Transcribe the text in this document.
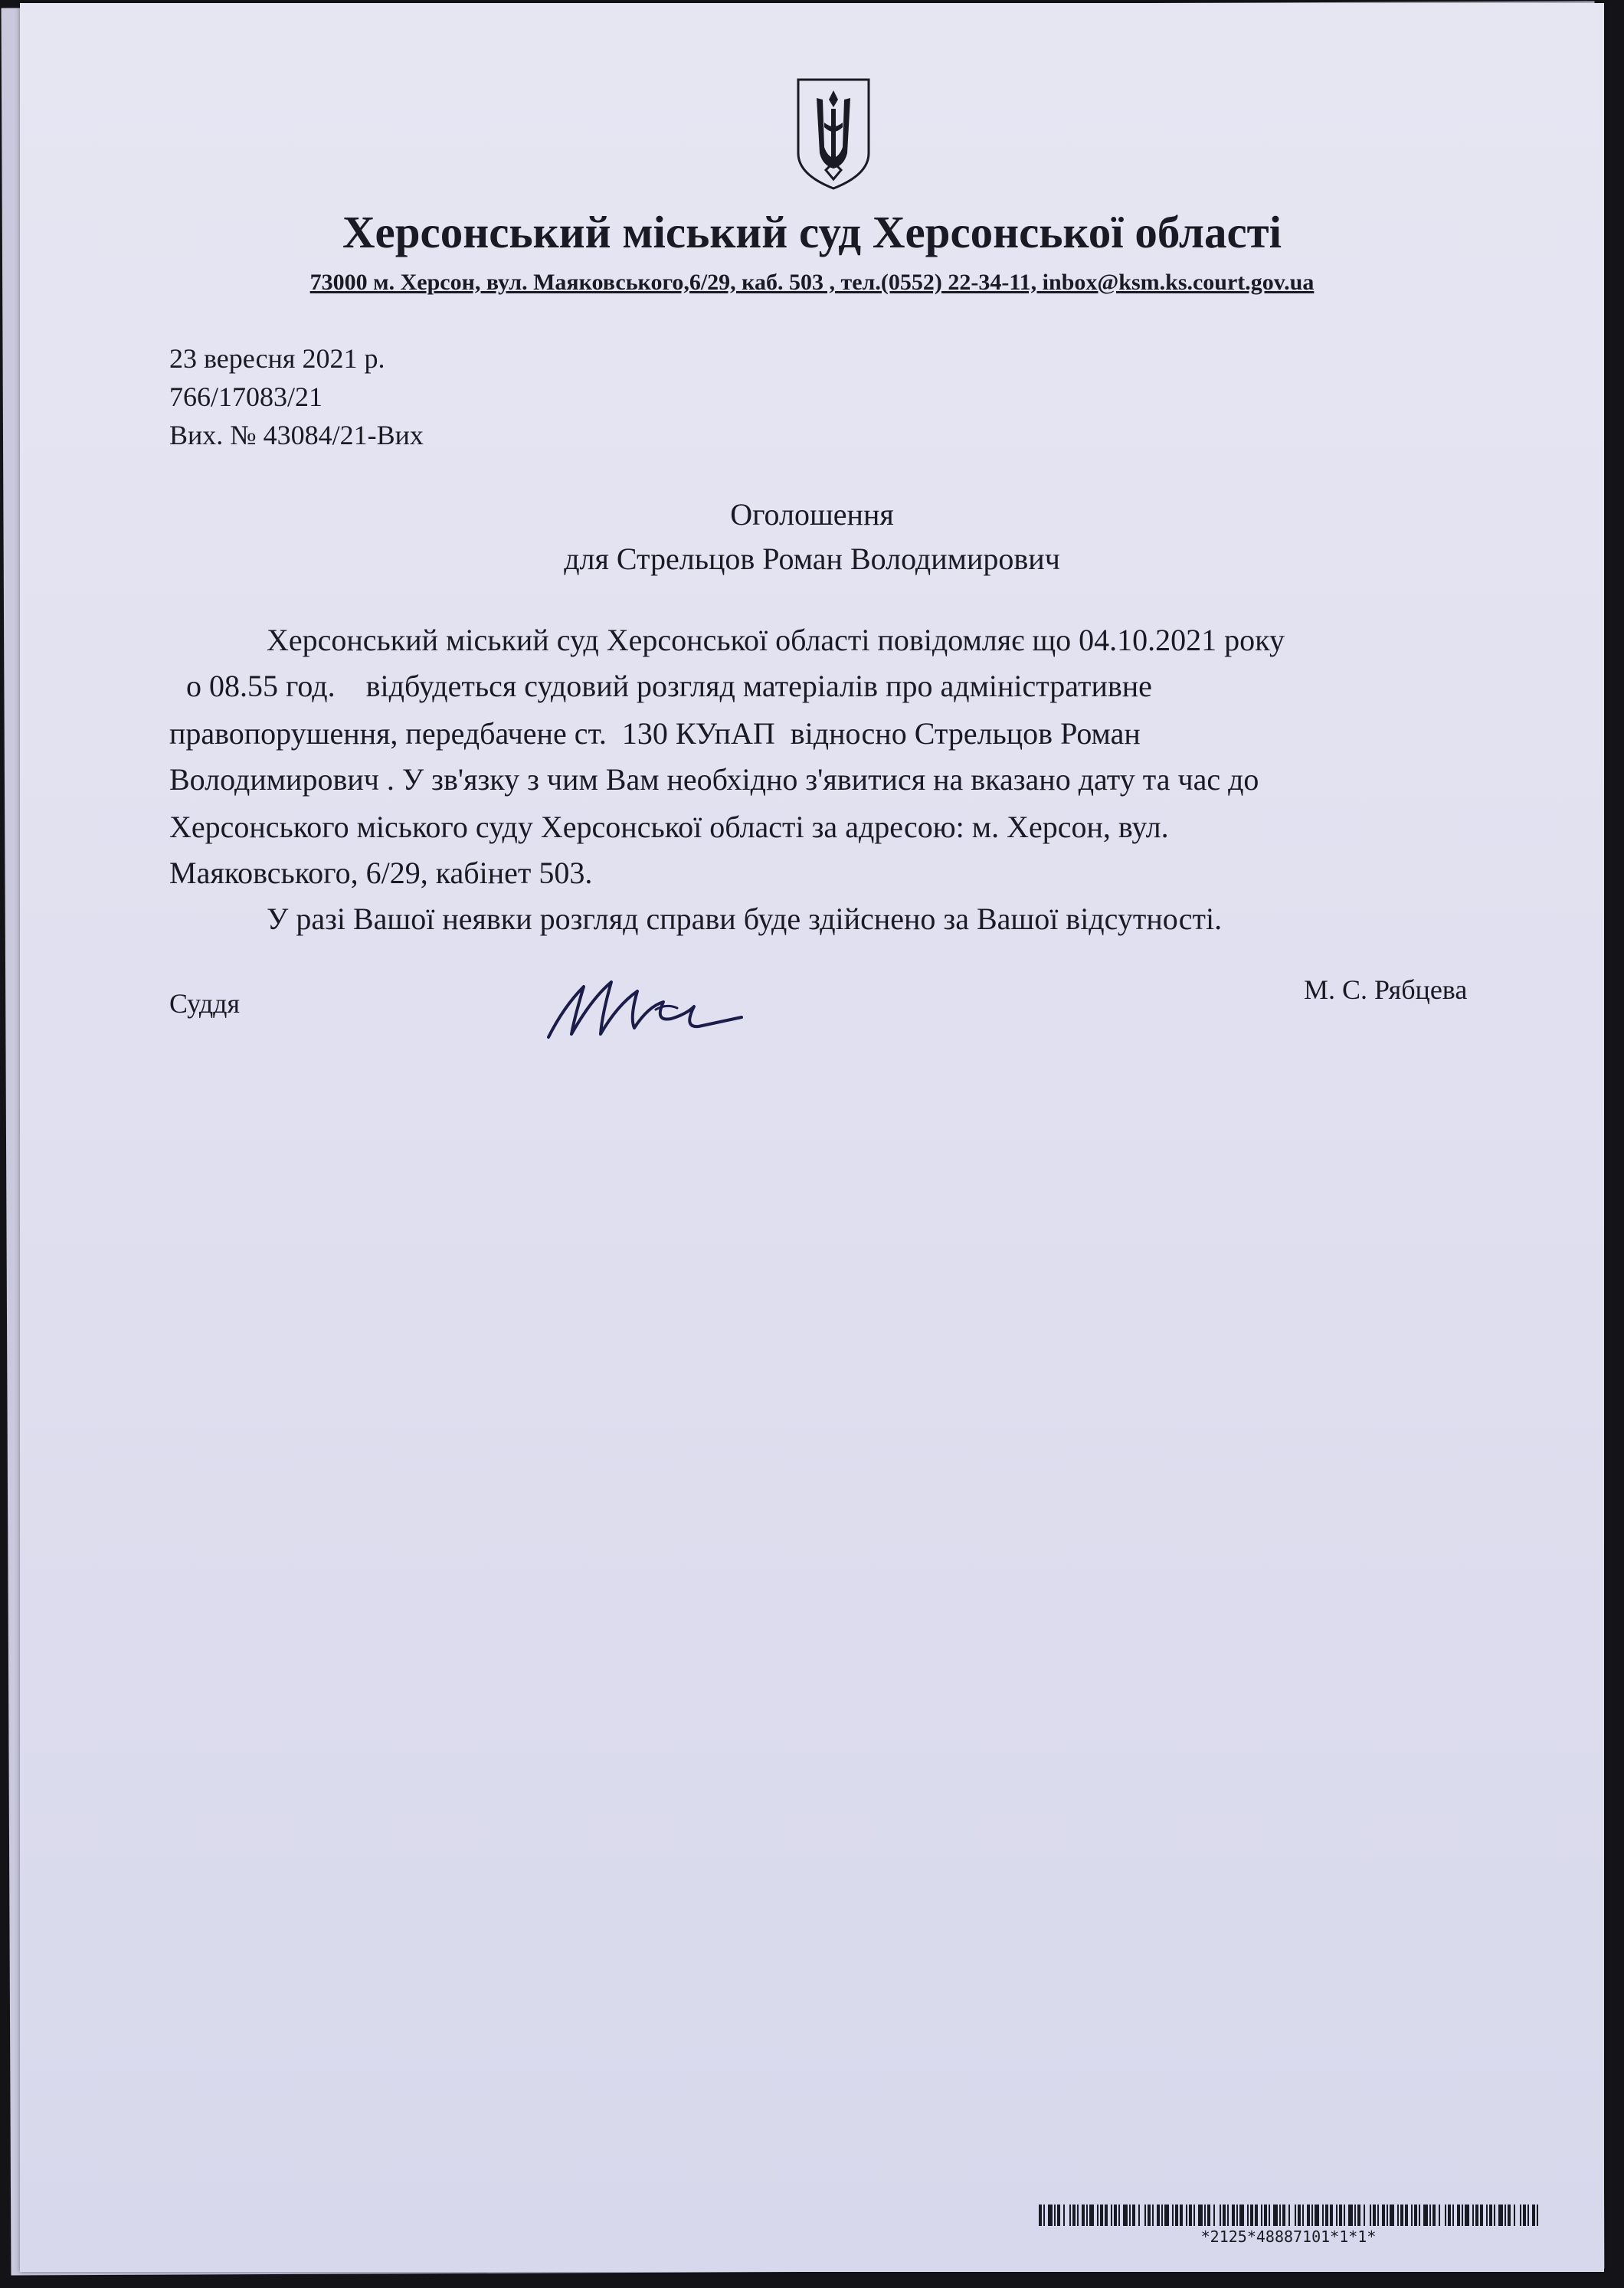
Херсонський міський суд Херсонської області
73000 м. Херсон, вул. Маяковського,6/29, каб. 503 , тел.(0552) 22-34-11, inbox@ksm.ks.court.gov.ua
23 вересня 2021 р.
766/17083/21
Вих. № 43084/21-Вих
Оголошення
для Стрельцов Роман Володимирович
Херсонський міський суд Херсонської області повідомляє що 04.10.2021 року
о 08.55 год.    відбудеться судовий розгляд матеріалів про адміністративне
правопорушення, передбачене ст.  130 КУпАП  відносно Стрельцов Роман
Володимирович . У зв'язку з чим Вам необхідно з'явитися на вказано дату та час до
Херсонського міського суду Херсонської області за адресою: м. Херсон, вул.
Маяковського, 6/29, кабінет 503.
У разі Вашої неявки розгляд справи буде здійснено за Вашої відсутності.
Суддя	М. С. Рябцева
*2125*48887101*1*1*
